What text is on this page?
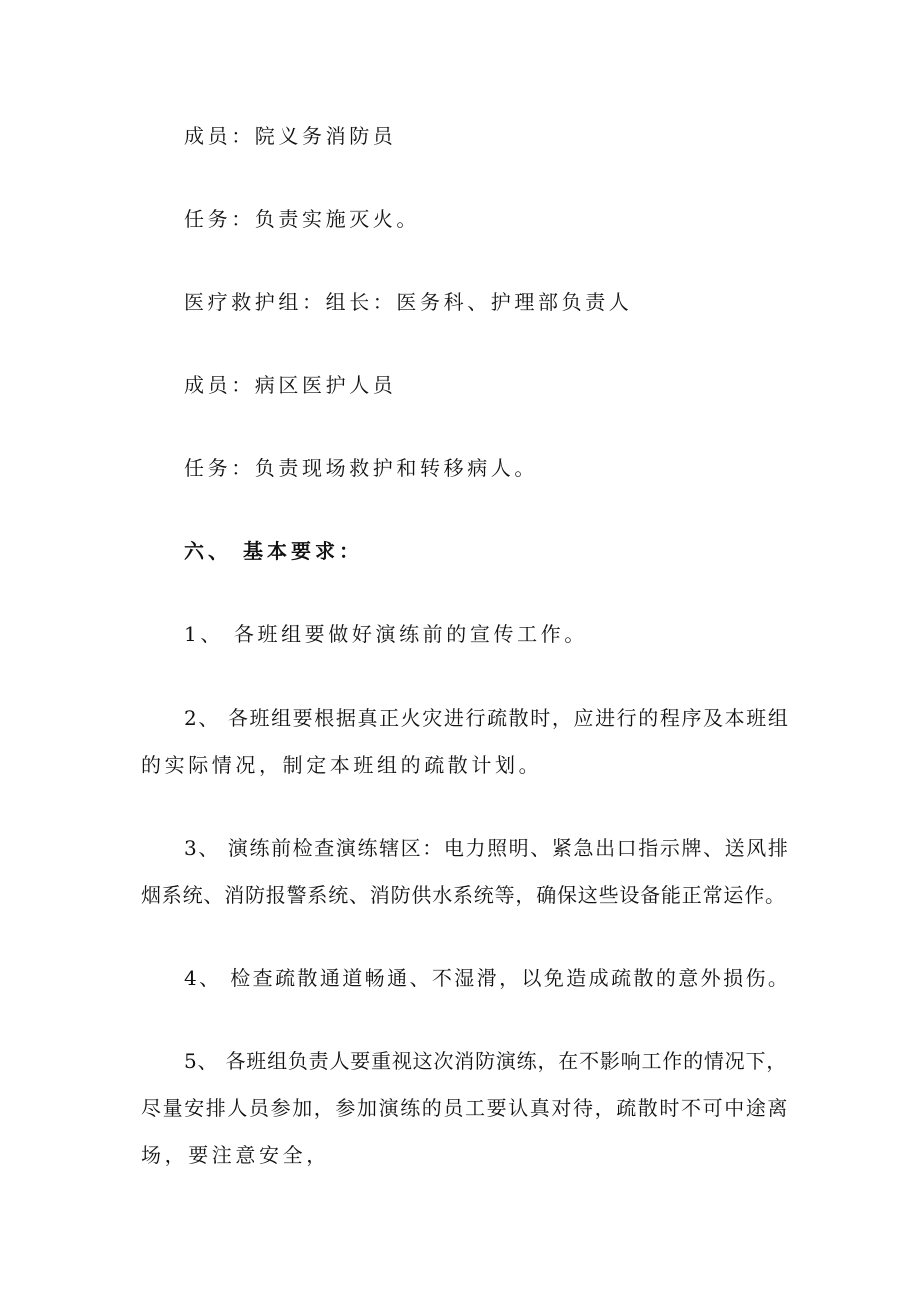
成员：院义务消防员
任务：负责实施灭火。
医疗救护组：组长：医务科、护理部负责人
成员：病区医护人员
任务：负责现场救护和转移病人。
六、 基本要求：
1、 各班组要做好演练前的宣传工作。
2、 各班组要根据真正火灾进行疏散时，应进行的程序及本班组
的实际情况，制定本班组的疏散计划。
3、 演练前检查演练辖区：电力照明、紧急出口指示牌、送风排
烟系统、消防报警系统、消防供水系统等，确保这些设备能正常运作。
4、 检查疏散通道畅通、不湿滑，以免造成疏散的意外损伤。
5、 各班组负责人要重视这次消防演练，在不影响工作的情况下，
尽量安排人员参加，参加演练的员工要认真对待，疏散时不可中途离
场，要注意安全，
